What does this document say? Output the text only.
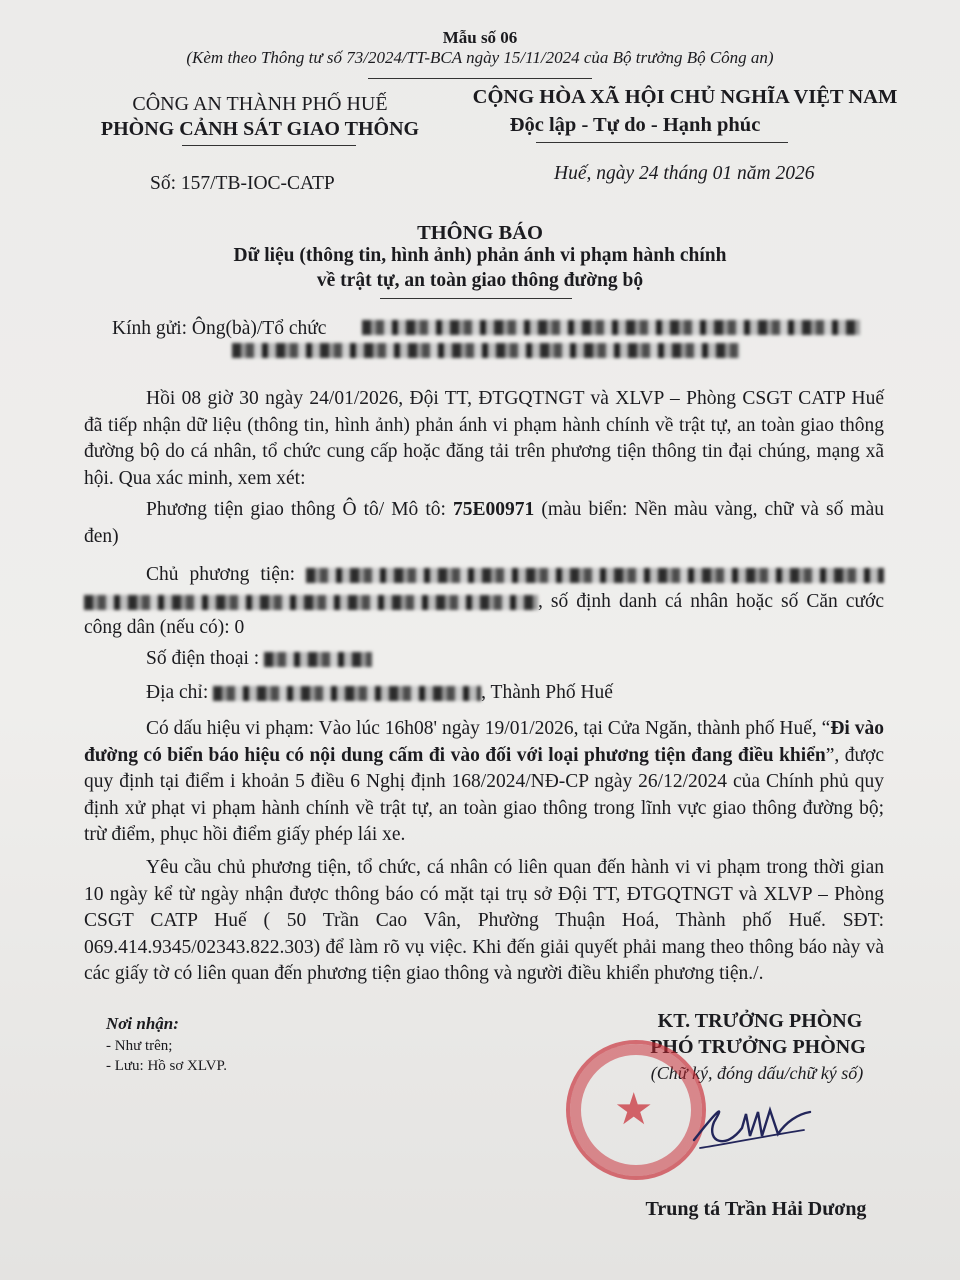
Mẫu số 06
(Kèm theo Thông tư số 73/2024/TT-BCA ngày 15/11/2024 của Bộ trưởng Bộ Công an)
CÔNG AN THÀNH PHỐ HUẾ
PHÒNG CẢNH SÁT GIAO THÔNG
CỘNG HÒA XÃ HỘI CHỦ NGHĨA VIỆT NAM
Độc lập - Tự do - Hạnh phúc
Số: 157/TB-IOC-CATP	Huế, ngày 24 tháng 01 năm 2026
THÔNG BÁO
Dữ liệu (thông tin, hình ảnh) phản ánh vi phạm hành chính
về trật tự, an toàn giao thông đường bộ
Kính gửi: Ông(bà)/Tổ chức
Hồi 08 giờ 30 ngày 24/01/2026, Đội TT, ĐTGQTNGT và XLVP – Phòng CSGT CATP Huế đã tiếp nhận dữ liệu (thông tin, hình ảnh) phản ánh vi phạm hành chính về trật tự, an toàn giao thông đường bộ do cá nhân, tổ chức cung cấp hoặc đăng tải trên phương tiện thông tin đại chúng, mạng xã hội. Qua xác minh, xem xét:
Phương tiện giao thông Ô tô/ Mô tô: 75E00971 (màu biển: Nền màu vàng, chữ và số màu đen)
Chủ phương tiện:  , số định danh cá nhân hoặc số Căn cước công dân (nếu có): 0
Số điện thoại :
Địa chỉ:	, Thành Phố Huế
Có dấu hiệu vi phạm: Vào lúc 16h08' ngày 19/01/2026, tại Cửa Ngăn, thành phố Huế, “Đi vào đường có biển báo hiệu có nội dung cấm đi vào đối với loại phương tiện đang điều khiển”, được quy định tại điểm i khoản 5 điều 6 Nghị định 168/2024/NĐ-CP ngày 26/12/2024 của Chính phủ quy định xử phạt vi phạm hành chính về trật tự, an toàn giao thông trong lĩnh vực giao thông đường bộ; trừ điểm, phục hồi điểm giấy phép lái xe.
Yêu cầu chủ phương tiện, tổ chức, cá nhân có liên quan đến hành vi vi phạm trong thời gian 10 ngày kể từ ngày nhận được thông báo có mặt tại trụ sở Đội TT, ĐTGQTNGT và XLVP – Phòng CSGT CATP Huế ( 50 Trần Cao Vân, Phường Thuận Hoá, Thành phố Huế. SĐT: 069.414.9345/02343.822.303) để làm rõ vụ việc. Khi đến giải quyết phải mang theo thông báo này và các giấy tờ có liên quan đến phương tiện giao thông và người điều khiển phương tiện./.
Nơi nhận:
- Như trên;
- Lưu: Hồ sơ XLVP.
KT. TRƯỞNG PHÒNG
PHÓ TRƯỞNG PHÒNG
(Chữ ký, đóng dấu/chữ ký số)
★
Trung tá Trần Hải Dương
